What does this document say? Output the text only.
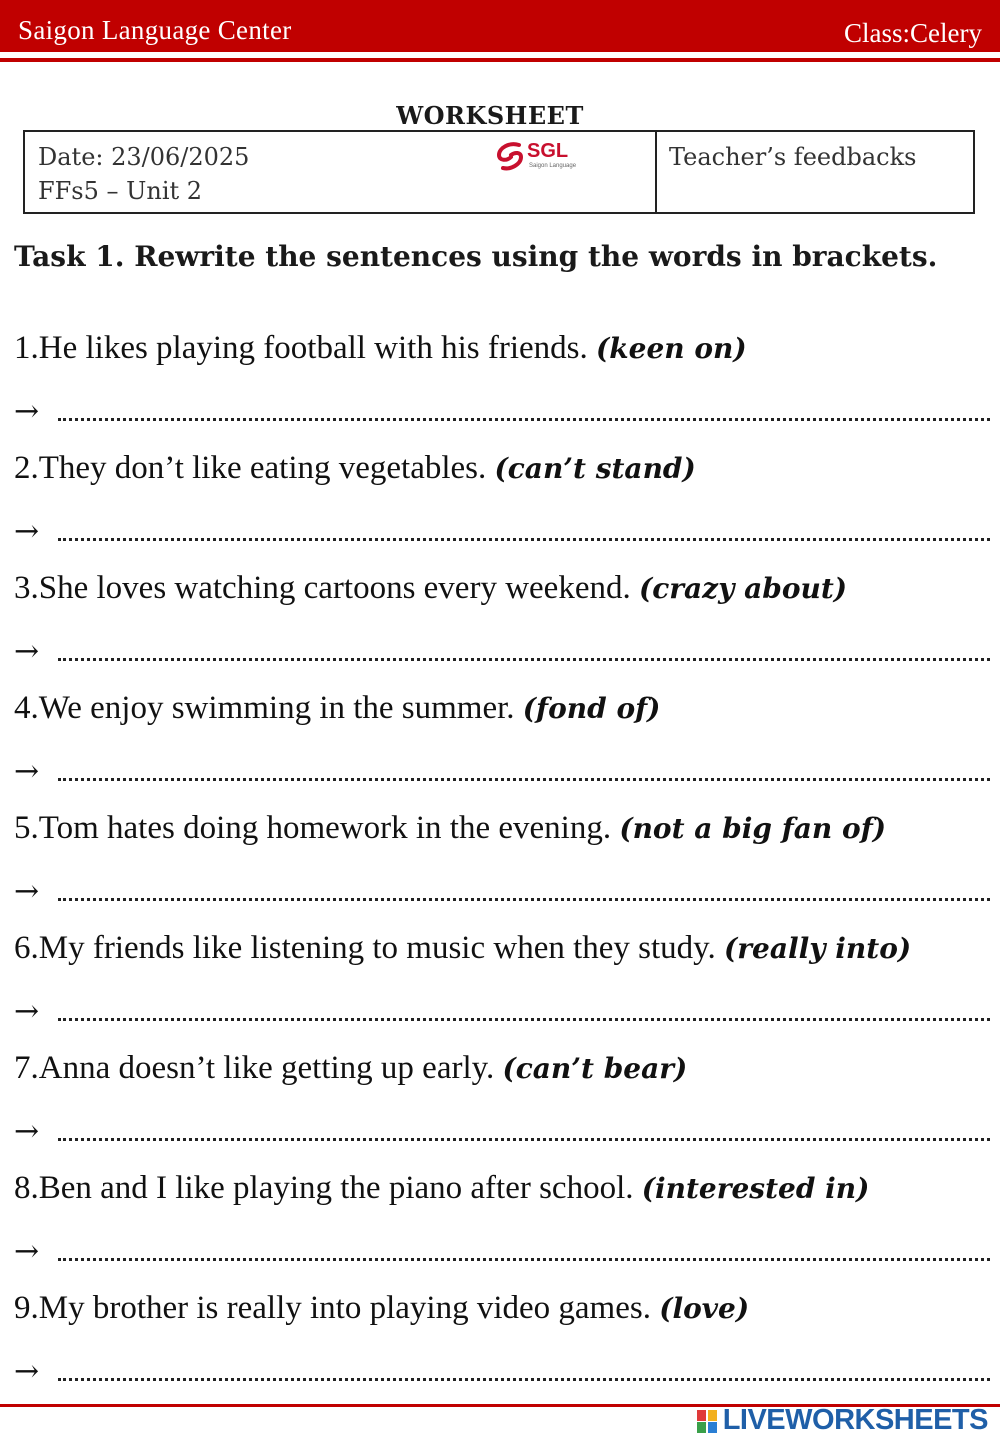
Saigon Language Center	Class:Celery
WORKSHEET
Date: 23/06/2025
FFs5 – Unit 2
SGL
Saigon Language	Teacher’s feedbacks
Task 1. Rewrite the sentences using the words in brackets.
1.He likes playing football with his friends. (keen on)
→
2.They don’t like eating vegetables. (can’t stand)
→
3.She loves watching cartoons every weekend. (crazy about)
→
4.We enjoy swimming in the summer. (fond of)
→
5.Tom hates doing homework in the evening. (not a big fan of)
→
6.My friends like listening to music when they study. (really into)
→
7.Anna doesn’t like getting up early. (can’t bear)
→
8.Ben and I like playing the piano after school. (interested in)
→
9.My brother is really into playing video games. (love)
→
LIVEWORKSHEETS
